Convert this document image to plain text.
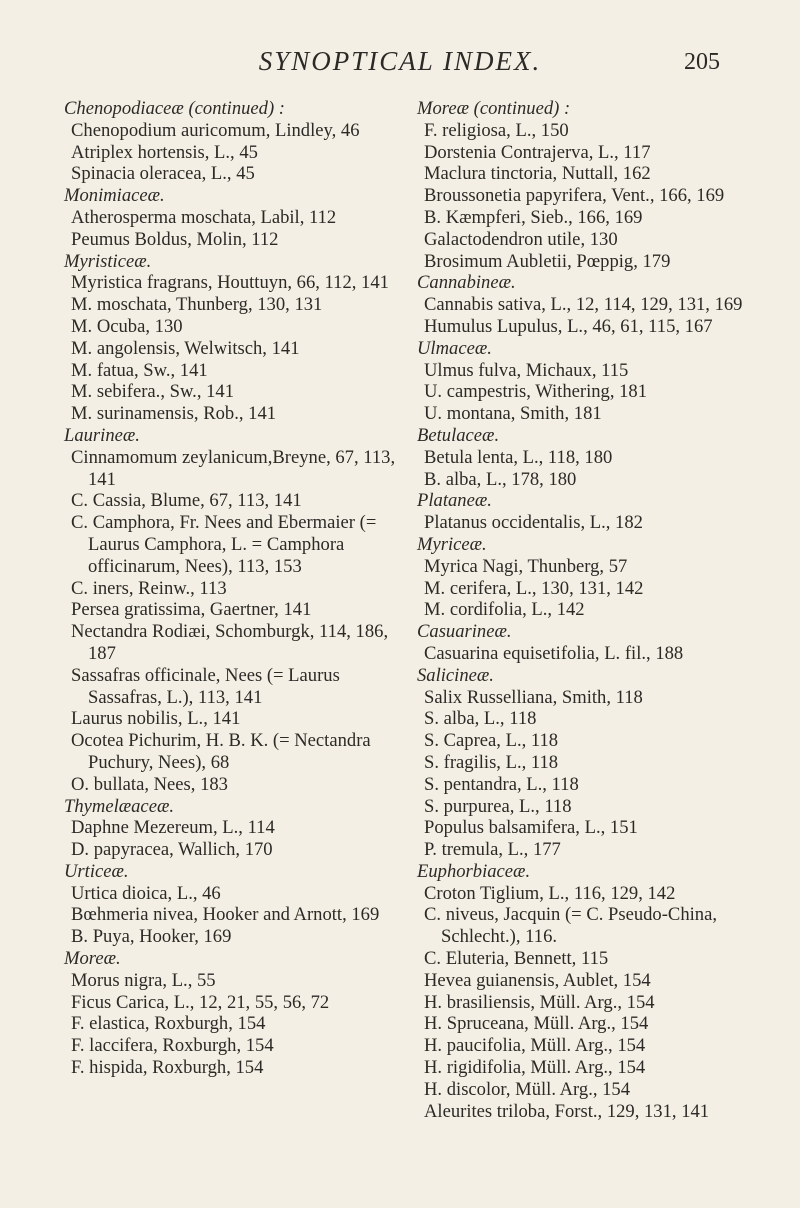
SYNOPTICAL INDEX.	205

Chenopodiaceæ (continued) :

Chenopodium auricomum, Lindley, 46

Atriplex hortensis, L., 45

Spinacia oleracea, L., 45

Monimiaceæ.

Atherosperma moschata, Labil, 112

Peumus Boldus, Molin, 112

Myristiceæ.

Myristica fragrans, Houttuyn, 66, 112, 141

M. moschata, Thunberg, 130, 131

M. Ocuba, 130

M. angolensis, Welwitsch, 141

M. fatua, Sw., 141

M. sebifera., Sw., 141

M. surinamensis, Rob., 141

Laurineæ.

Cinnamomum zeylanicum,Breyne, 67, 113, 141

C. Cassia, Blume, 67, 113, 141

C. Camphora, Fr. Nees and Ebermaier (= Laurus Camphora, L. = Camphora officinarum, Nees), 113, 153

C. iners, Reinw., 113

Persea gratissima, Gaertner, 141

Nectandra Rodiæi, Schomburgk, 114, 186, 187

Sassafras officinale, Nees (= Laurus Sassafras, L.), 113, 141

Laurus nobilis, L., 141

Ocotea Pichurim, H. B. K. (= Nectandra Puchury, Nees), 68

O. bullata, Nees, 183

Thymelæaceæ.

Daphne Mezereum, L., 114

D. papyracea, Wallich, 170

Urticeæ.

Urtica dioica, L., 46

Bœhmeria nivea, Hooker and Arnott, 169

B. Puya, Hooker, 169

Moreæ.

Morus nigra, L., 55

Ficus Carica, L., 12, 21, 55, 56, 72

F. elastica, Roxburgh, 154

F. laccifera, Roxburgh, 154

F. hispida, Roxburgh, 154

Moreæ (continued) :

F. religiosa, L., 150

Dorstenia Contrajerva, L., 117

Maclura tinctoria, Nuttall, 162

Broussonetia papyrifera, Vent., 166, 169

B. Kæmpferi, Sieb., 166, 169

Galactodendron utile, 130

Brosimum Aubletii, Pœppig, 179

Cannabineæ.

Cannabis sativa, L., 12, 114, 129, 131, 169

Humulus Lupulus, L., 46, 61, 115, 167

Ulmaceæ.

Ulmus fulva, Michaux, 115

U. campestris, Withering, 181

U. montana, Smith, 181

Betulaceæ.

Betula lenta, L., 118, 180

B. alba, L., 178, 180

Plataneæ.

Platanus occidentalis, L., 182

Myriceæ.

Myrica Nagi, Thunberg, 57

M. cerifera, L., 130, 131, 142

M. cordifolia, L., 142

Casuarineæ.

Casuarina equisetifolia, L. fil., 188

Salicineæ.

Salix Russelliana, Smith, 118

S. alba, L., 118

S. Caprea, L., 118

S. fragilis, L., 118

S. pentandra, L., 118

S. purpurea, L., 118

Populus balsamifera, L., 151

P. tremula, L., 177

Euphorbiaceæ.

Croton Tiglium, L., 116, 129, 142

C. niveus, Jacquin (= C. Pseudo-China, Schlecht.), 116.

C. Eluteria, Bennett, 115

Hevea guianensis, Aublet, 154

H. brasiliensis, Müll. Arg., 154

H. Spruceana, Müll. Arg., 154

H. paucifolia, Müll. Arg., 154

H. rigidifolia, Müll. Arg., 154

H. discolor, Müll. Arg., 154

Aleurites triloba, Forst., 129, 131, 141
